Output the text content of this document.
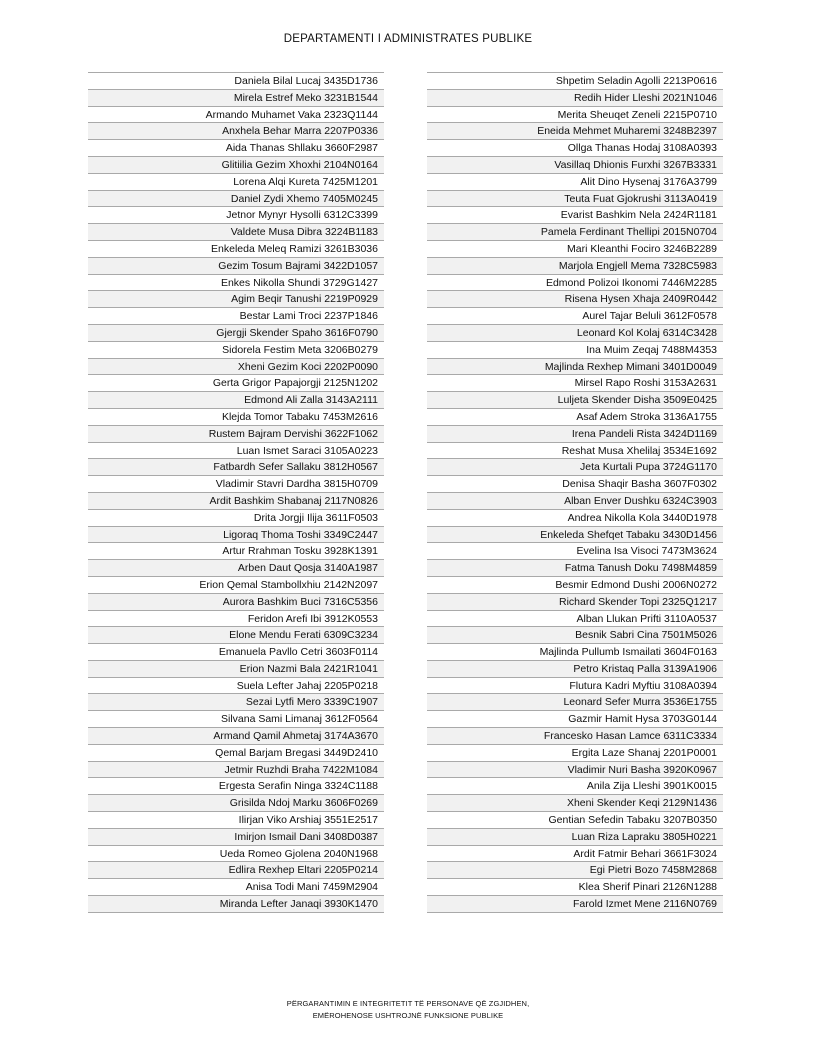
DEPARTAMENTI I ADMINISTRATES PUBLIKE
Daniela Bilal Lucaj 3435D1736
Mirela Estref Meko 3231B1544
Armando Muhamet Vaka 2323Q1144
Anxhela Behar Marra 2207P0336
Aida Thanas Shllaku 3660F2987
Glitiilia Gezim Xhoxhi 2104N0164
Lorena Alqi Kureta 7425M1201
Daniel Zydi Xhemo 7405M0245
Jetnor Mynyr Hysolli 6312C3399
Valdete Musa Dibra 3224B1183
Enkeleda Meleq Ramizi 3261B3036
Gezim Tosum Bajrami 3422D1057
Enkes Nikolla Shundi 3729G1427
Agim Beqir Tanushi 2219P0929
Bestar Lami Troci 2237P1846
Gjergji Skender Spaho 3616F0790
Sidorela Festim Meta 3206B0279
Xheni Gezim Koci 2202P0090
Gerta Grigor Papajorgji 2125N1202
Edmond Ali Zalla 3143A2111
Klejda Tomor Tabaku 7453M2616
Rustem Bajram Dervishi 3622F1062
Luan Ismet Saraci 3105A0223
Fatbardh Sefer Sallaku 3812H0567
Vladimir Stavri Dardha 3815H0709
Ardit Bashkim Shabanaj 2117N0826
Drita Jorgji Ilija 3611F0503
Ligoraq Thoma Toshi 3349C2447
Artur Rrahman Tosku 3928K1391
Arben Daut Qosja 3140A1987
Erion Qemal Stambollxhiu 2142N2097
Aurora Bashkim Buci 7316C5356
Feridon Arefi Ibi 3912K0553
Elone Mendu Ferati 6309C3234
Emanuela Pavllo Cetri 3603F0114
Erion Nazmi Bala 2421R1041
Suela Lefter Jahaj 2205P0218
Sezai Lytfi Mero 3339C1907
Silvana Sami Limanaj 3612F0564
Armand Qamil Ahmetaj 3174A3670
Qemal Barjam Bregasi 3449D2410
Jetmir Ruzhdi Braha 7422M1084
Ergesta Serafin Ninga 3324C1188
Grisilda Ndoj Marku 3606F0269
Ilirjan Viko Arshiaj 3551E2517
Imirjon Ismail Dani 3408D0387
Ueda Romeo Gjolena 2040N1968
Edlira Rexhep Eltari 2205P0214
Anisa Todi Mani 7459M2904
Miranda Lefter Janaqi 3930K1470
Shpetim Seladin Agolli 2213P0616
Redih Hider Lleshi 2021N1046
Merita Sheuqet Zeneli 2215P0710
Eneida Mehmet Muharemi 3248B2397
Ollga Thanas Hodaj 3108A0393
Vasillaq Dhionis Furxhi 3267B3331
Alit Dino Hysenaj 3176A3799
Teuta Fuat Gjokrushi 3113A0419
Evarist Bashkim Nela 2424R1181
Pamela Ferdinant Thellipi 2015N0704
Mari Kleanthi Fociro 3246B2289
Marjola Engjell Mema 7328C5983
Edmond Polizoi Ikonomi 7446M2285
Risena Hysen Xhaja 2409R0442
Aurel Tajar Beluli 3612F0578
Leonard Kol Kolaj 6314C3428
Ina Muim Zeqaj 7488M4353
Majlinda Rexhep Mimani 3401D0049
Mirsel Rapo Roshi 3153A2631
Luljeta Skender Disha 3509E0425
Asaf Adem Stroka 3136A1755
Irena Pandeli Rista 3424D1169
Reshat Musa Xhelilaj 3534E1692
Jeta Kurtali Pupa 3724G1170
Denisa Shaqir Basha 3607F0302
Alban Enver Dushku 6324C3903
Andrea Nikolla Kola 3440D1978
Enkeleda Shefqet Tabaku 3430D1456
Evelina Isa Visoci 7473M3624
Fatma Tanush Doku 7498M4859
Besmir Edmond Dushi 2006N0272
Richard Skender Topi 2325Q1217
Alban Llukan Prifti 3110A0537
Besnik Sabri Cina 7501M5026
Majlinda Pullumb Ismailati 3604F0163
Petro Kristaq Palla 3139A1906
Flutura Kadri Myftiu 3108A0394
Leonard Sefer Murra 3536E1755
Gazmir Hamit Hysa 3703G0144
Francesko Hasan Lamce 6311C3334
Ergita Laze Shanaj 2201P0001
Vladimir Nuri Basha 3920K0967
Anila Zija Lleshi 3901K0015
Xheni Skender Keqi 2129N1436
Gentian Sefedin Tabaku 3207B0350
Luan Riza Lapraku 3805H0221
Ardit Fatmir Behari 3661F3024
Egi Pietri Bozo 7458M2868
Klea Sherif Pinari 2126N1288
Farold Izmet Mene 2116N0769
PËRGARANTIMIN E INTEGRITETIT TË PERSONAVE QË ZGJIDHEN,
EMËROHENOSE USHTROJNË FUNKSIONE PUBLIKE
